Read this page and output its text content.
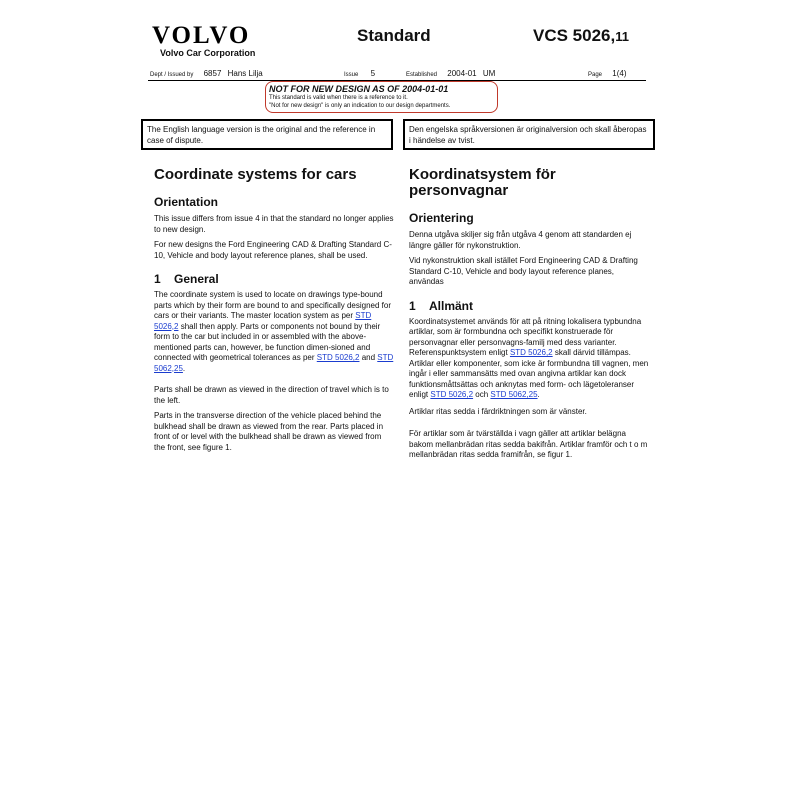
VOLVO
Volvo Car Corporation
Standard	VCS 5026,11
Dept / Issued by 6857 Hans Lilja	Issue 5	Established 2004-01 UM	Page 1(4)
NOT FOR NEW DESIGN AS OF 2004-01-01
This standard is valid when there is a reference to it.
"Not for new design" is only an indication to our design departments.
The English language version is the original and the reference in case of dispute.
Den engelska språkversionen är originalversion och skall åberopas i händelse av tvist.
Coordinate systems for cars
Orientation
This issue differs from issue 4 in that the standard no longer applies to new design.
For new designs the Ford Engineering CAD & Drafting Standard C-10, Vehicle and body layout reference planes, shall be used.
1 General
The coordinate system is used to locate on drawings type-bound parts which by their form are bound to and specifically designed for cars or their variants. The master location system as per STD 5026,2 shall then apply. Parts or components not bound by their form to the car but included in or assembled with the above-mentioned parts can, however, be function dimen-sioned and connected with geometrical tolerances as per STD 5026,2 and STD 5062,25.
Parts shall be drawn as viewed in the direction of travel which is to the left.
Parts in the transverse direction of the vehicle placed behind the bulkhead shall be drawn as viewed from the rear. Parts placed in front of or level with the bulkhead shall be drawn as viewed from the front, see figure 1.
Koordinatsystem för personvagnar
Orientering
Denna utgåva skiljer sig från utgåva 4 genom att standarden ej längre gäller för nykonstruktion.
Vid nykonstruktion skall istället Ford Engineering CAD & Drafting Standard C-10, Vehicle and body layout reference planes, användas
1 Allmänt
Koordinatsystemet används för att på ritning lokalisera typbundna artiklar, som är formbundna och specifikt konstruerade för personvagnar eller personvagns-familj med dess varianter. Referenspunktsystem enligt STD 5026,2 skall därvid tillämpas. Artiklar eller komponenter, som icke är formbundna till vagnen, men ingår i eller sammansätts med ovan angivna artiklar kan dock funktionsmåttsättas och anknytas med form- och lägetoleranser enligt STD 5026,2 och STD 5062,25.
Artiklar ritas sedda i färdriktningen som är vänster.
För artiklar som är tvärställda i vagn gäller att artiklar belägna bakom mellanbrädan ritas sedda bakifrån. Artiklar framför och t o m mellanbrädan ritas sedda framifrån, se figur 1.
